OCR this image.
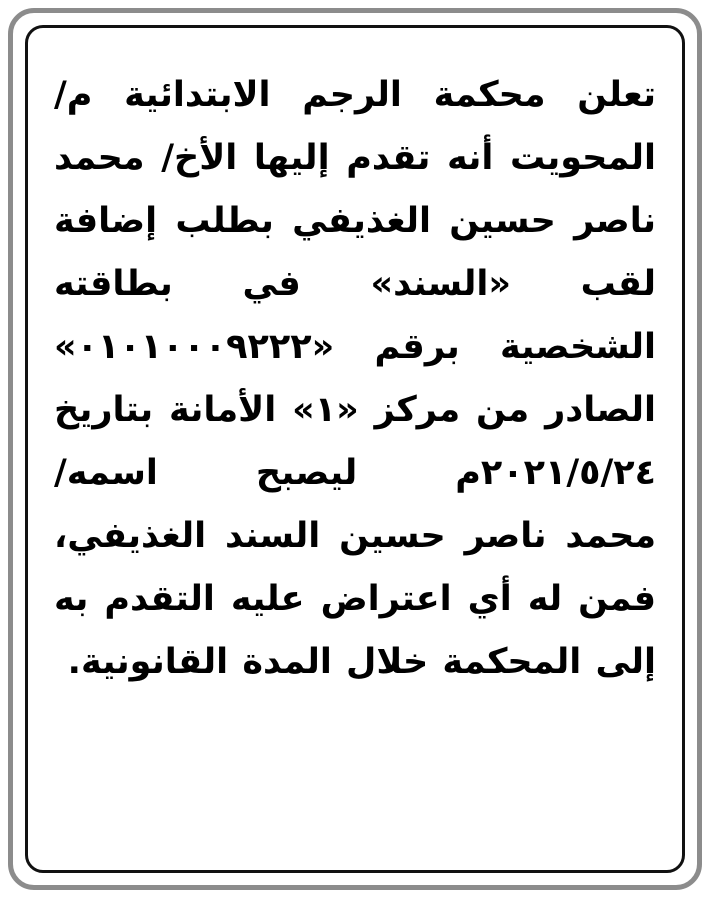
تعلن محكمة الرجم الابتدائية م/ المحويت أنه تقدم إليها الأخ/ محمد ناصر حسين الغذيفي بطلب إضافة لقب «السند» في بطاقته الشخصية برقم «٠١٠١٠٠٠٩٢٢٢» الصادر من مركز «١» الأمانة بتاريخ ٢٠٢١/٥/٢٤م ليصبح اسمه/

محمد ناصر حسين السند الغذيفي، فمن له أي اعتراض عليه التقدم به إلى المحكمة خلال المدة القانونية.
